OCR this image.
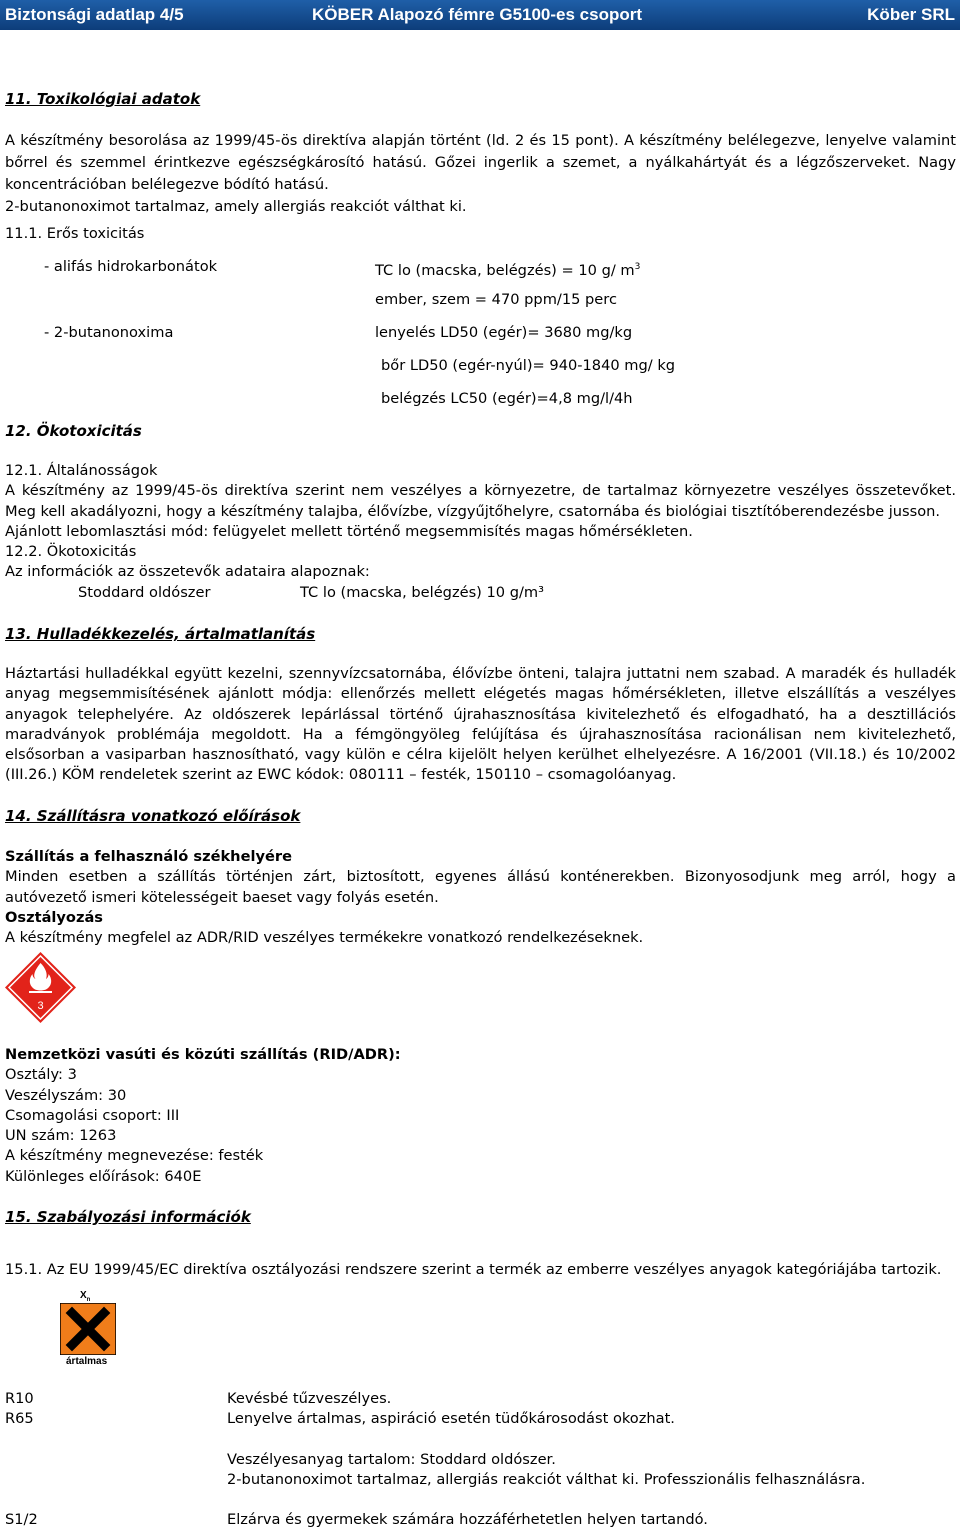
Biztonsági adatlap 4/5	KÖBER Alapozó fémre G5100-es csoport	Köber SRL
11. Toxikológiai adatok

A készítmény besorolása az 1999/45-ös direktíva alapján történt (ld. 2 és 15 pont). A készítmény belélegezve, lenyelve valamint bőrrel és szemmel érintkezve egészségkárosító hatású. Gőzei ingerlik a szemet, a nyálkahártyát és a légzőszerveket. Nagy koncentrációban belélegezve bódító hatású.

2-butanonoximot tartalmaz, amely allergiás reakciót válthat ki.

11.1. Erős toxicitás
- alifás hidrokarbonátok	TC lo (macska, belégzés) = 10 g/ $m^3$
ember, szem = 470 ppm/15 perc
- 2-butanonoxima	lenyelés LD50 (egér)= 3680 mg/kg
bőr LD50 (egér-nyúl)= 940-1840 mg/ kg
belégzés LC50 (egér)=4,8 mg/l/4h
12. Ökotoxicitás

12.1. Általánosságok

A készítmény az 1999/45-ös direktíva szerint nem veszélyes a környezetre, de tartalmaz környezetre veszélyes összetevőket. Meg kell akadályozni, hogy a készítmény talajba, élővízbe, vízgyűjtőhelyre, csatornába és biológiai tisztítóberendezésbe jusson.

Ajánlott lebomlasztási mód: felügyelet mellett történő megsemmisítés magas hőmérsékleten.

12.2. Ökotoxicitás

Az információk az összetevők adataira alapoznak:

Stoddard oldószer	TC lo (macska, belégzés) 10 g/m³
13. Hulladékkezelés, ártalmatlanítás
Háztartási hulladékkal együtt kezelni, szennyvízcsatornába, élővízbe önteni, talajra juttatni nem szabad. A maradék és hulladék anyag megsemmisítésének ajánlott módja: ellenőrzés mellett elégetés magas hőmérsékleten, illetve elszállítás a veszélyes anyagok telephelyére. Az oldószerek lepárlással történő újrahasznosítása kivitelezhető és elfogadható, ha a desztillációs maradványok problémája megoldott. Ha a fémgöngyöleg felújítása és újrahasznosítása racionálisan nem kivitelezhető, elsősorban a vasiparban hasznosítható, vagy külön e célra kijelölt helyen kerülhet elhelyezésre. A 16/2001 (VII.18.) és 10/2002 (III.26.) KÖM rendeletek szerint az EWC kódok: 080111 – festék, 150110 – csomagolóanyag.
14. Szállításra vonatkozó előírások

Szállítás a felhasználó székhelyére

Minden esetben a szállítás történjen zárt, biztosított, egyenes állású konténerekben. Bizonyosodjunk meg arról, hogy a autóvezető ismeri kötelességeit baeset vagy folyás esetén.

Osztályozás

A készítmény megfelel az ADR/RID veszélyes termékekre vonatkozó rendelkezéseknek.

3

Nemzetközi vasúti és közúti szállítás (RID/ADR):

Osztály: 3

Veszélyszám: 30

Csomagolási csoport: III

UN szám: 1263

A készítmény megnevezése: festék

Különleges előírások: 640E

15. Szabályozási információk
15.1. Az EU 1999/45/EC direktíva osztályozási rendszere szerint a termék az emberre veszélyes anyagok kategóriájába tartozik.
$X_n$
ártalmas
R10	Kevésbé tűzveszélyes.
R65	Lenyelve ártalmas, aspiráció esetén tüdőkárosodást okozhat.
Veszélyesanyag tartalom: Stoddard oldószer.
2-butanonoximot tartalmaz, allergiás reakciót válthat ki. Professzionális felhasználásra.
S1/2	Elzárva és gyermekek számára hozzáférhetetlen helyen tartandó.
